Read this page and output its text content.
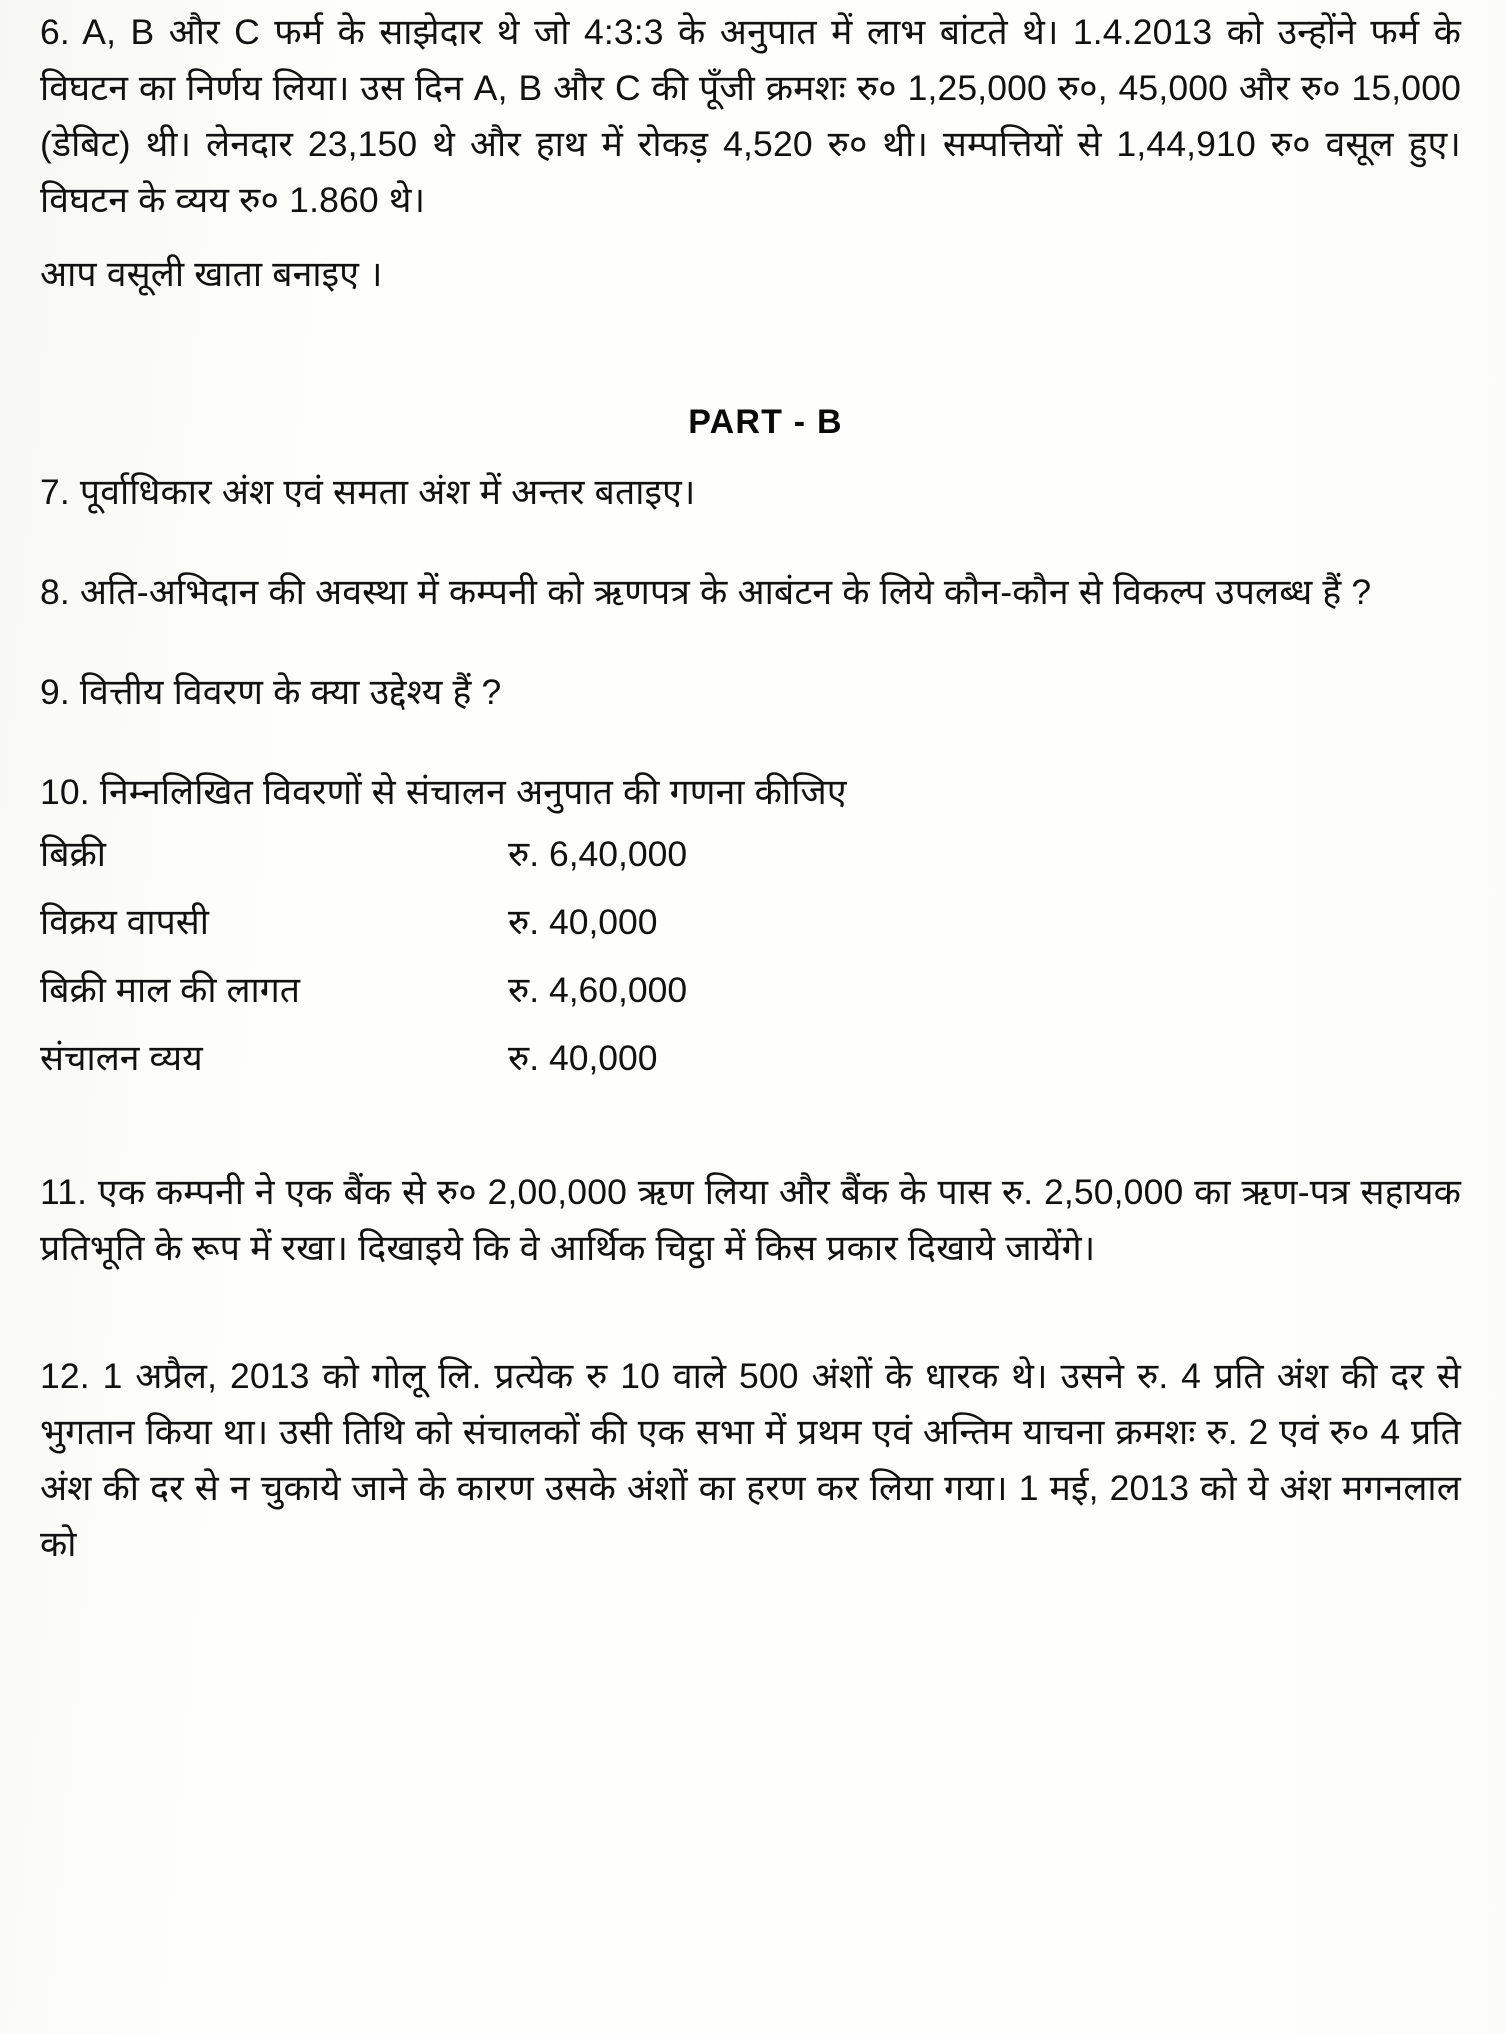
6. A, B और C फर्म के साझेदार थे जो 4:3:3 के अनुपात में लाभ बांटते थे। 1.4.2013 को उन्होंने फर्म के विघटन का निर्णय लिया। उस दिन A, B और C की पूँजी क्रमशः रु० 1,25,000 रु०, 45,000 और रु० 15,000 (डेबिट) थी। लेनदार 23,150 थे और हाथ में रोकड़ 4,520 रु० थी। सम्पत्तियों से 1,44,910 रु० वसूल हुए। विघटन के व्यय रु० 1.860 थे।

आप वसूली खाता बनाइए ।

PART - B

7. पूर्वाधिकार अंश एवं समता अंश में अन्तर बताइए।

8. अति-अभिदान की अवस्था में कम्पनी को ऋणपत्र के आबंटन के लिये कौन-कौन से विकल्प उपलब्ध हैं ?

9. वित्तीय विवरण के क्या उद्देश्य हैं ?

10. निम्नलिखित विवरणों से संचालन अनुपात की गणना कीजिए

बिक्री	रु. 6,40,000
विक्रय वापसी	रु. 40,000
बिक्री माल की लागत	रु. 4,60,000
संचालन व्यय	रु. 40,000

11. एक कम्पनी ने एक बैंक से रु० 2,00,000 ऋण लिया और बैंक के पास रु. 2,50,000 का ऋण-पत्र सहायक प्रतिभूति के रूप में रखा। दिखाइये कि वे आर्थिक चिट्ठा में किस प्रकार दिखाये जायेंगे।

12. 1 अप्रैल, 2013 को गोलू लि. प्रत्येक रु 10 वाले 500 अंशों के धारक थे। उसने रु. 4 प्रति अंश की दर से भुगतान किया था। उसी तिथि को संचालकों की एक सभा में प्रथम एवं अन्तिम याचना क्रमशः रु. 2 एवं रु० 4 प्रति अंश की दर से न चुकाये जाने के कारण उसके अंशों का हरण कर लिया गया। 1 मई, 2013 को ये अंश मगनलाल को
